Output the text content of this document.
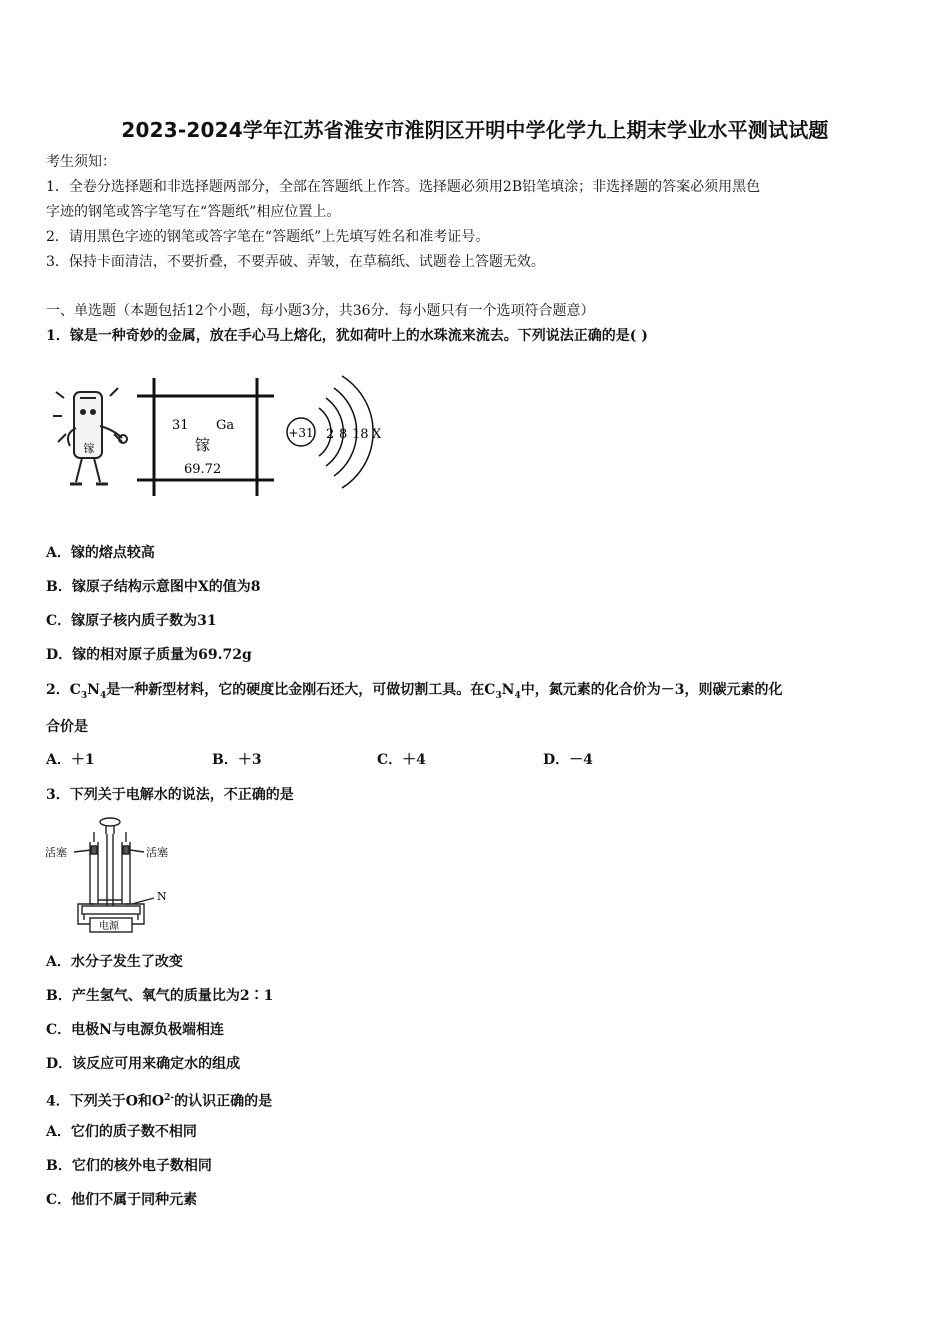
2023-2024学年江苏省淮安市淮阴区开明中学化学九上期末学业水平测试试题
考生须知：
1．全卷分选择题和非选择题两部分，全部在答题纸上作答。选择题必须用2B铅笔填涂；非选择题的答案必须用黑色
字迹的钢笔或答字笔写在“答题纸”相应位置上。
2．请用黑色字迹的钢笔或答字笔在“答题纸”上先填写姓名和准考证号。
3．保持卡面清洁，不要折叠，不要弄破、弄皱，在草稿纸、试题卷上答题无效。
一、单选题（本题包括12个小题，每小题3分，共36分．每小题只有一个选项符合题意）
1．镓是一种奇妙的金属，放在手心马上熔化，犹如荷叶上的水珠流来流去。下列说法正确的是( )
镓
31 Ga
镓
69.72
+31 2 8 18 X
A．镓的熔点较高
B．镓原子结构示意图中X的值为8
C．镓原子核内质子数为31
D．镓的相对原子质量为69.72g
2．$C_3N_4$是一种新型材料，它的硬度比金刚石还大，可做切割工具。在$C_3N_4$中，氮元素的化合价为－3，则碳元素的化
合价是
A．＋1	B．＋3	C．＋4	D．－4
3．下列关于电解水的说法，不正确的是
活塞	活塞
N
电源
A．水分子发生了改变
B．产生氢气、氧气的质量比为2∶1
C．电极N与电源负极端相连
D．该反应可用来确定水的组成
4．下列关于O和$O^{2-}$的认识正确的是
A．它们的质子数不相同
B．它们的核外电子数相同
C．他们不属于同种元素
